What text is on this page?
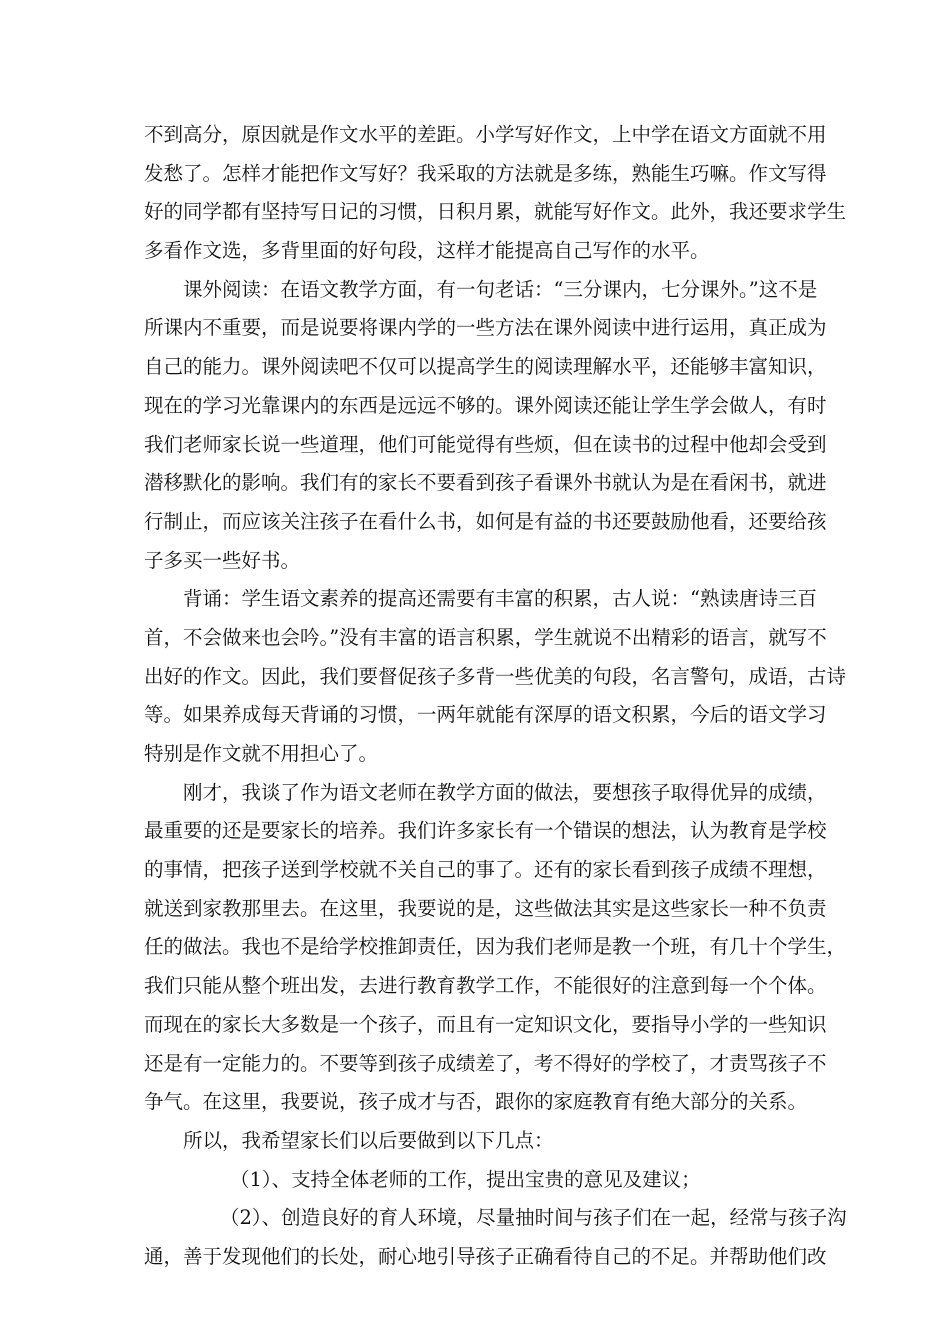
不到高分，原因就是作文水平的差距。小学写好作文，上中学在语文方面就不用
发愁了。怎样才能把作文写好？我采取的方法就是多练，熟能生巧嘛。作文写得
好的同学都有坚持写日记的习惯，日积月累，就能写好作文。此外，我还要求学生
多看作文选，多背里面的好句段，这样才能提高自己写作的水平。
课外阅读：在语文教学方面，有一句老话：“三分课内，七分课外。”这不是
所课内不重要，而是说要将课内学的一些方法在课外阅读中进行运用，真正成为
自己的能力。课外阅读吧不仅可以提高学生的阅读理解水平，还能够丰富知识，
现在的学习光靠课内的东西是远远不够的。课外阅读还能让学生学会做人，有时
我们老师家长说一些道理，他们可能觉得有些烦，但在读书的过程中他却会受到
潜移默化的影响。我们有的家长不要看到孩子看课外书就认为是在看闲书，就进
行制止，而应该关注孩子在看什么书，如何是有益的书还要鼓励他看，还要给孩
子多买一些好书。
背诵：学生语文素养的提高还需要有丰富的积累，古人说：“熟读唐诗三百
首，不会做来也会吟。”没有丰富的语言积累，学生就说不出精彩的语言，就写不
出好的作文。因此，我们要督促孩子多背一些优美的句段，名言警句，成语，古诗
等。如果养成每天背诵的习惯，一两年就能有深厚的语文积累，今后的语文学习
特别是作文就不用担心了。
刚才，我谈了作为语文老师在教学方面的做法，要想孩子取得优异的成绩，
最重要的还是要家长的培养。我们许多家长有一个错误的想法，认为教育是学校
的事情，把孩子送到学校就不关自己的事了。还有的家长看到孩子成绩不理想，
就送到家教那里去。在这里，我要说的是，这些做法其实是这些家长一种不负责
任的做法。我也不是给学校推卸责任，因为我们老师是教一个班，有几十个学生，
我们只能从整个班出发，去进行教育教学工作，不能很好的注意到每一个个体。
而现在的家长大多数是一个孩子，而且有一定知识文化，要指导小学的一些知识
还是有一定能力的。不要等到孩子成绩差了，考不得好的学校了，才责骂孩子不
争气。在这里，我要说，孩子成才与否，跟你的家庭教育有绝大部分的关系。
所以，我希望家长们以后要做到以下几点：
（1）、支持全体老师的工作，提出宝贵的意见及建议；
（2）、创造良好的育人环境，尽量抽时间与孩子们在一起，经常与孩子沟
通，善于发现他们的长处，耐心地引导孩子正确看待自己的不足。并帮助他们改
